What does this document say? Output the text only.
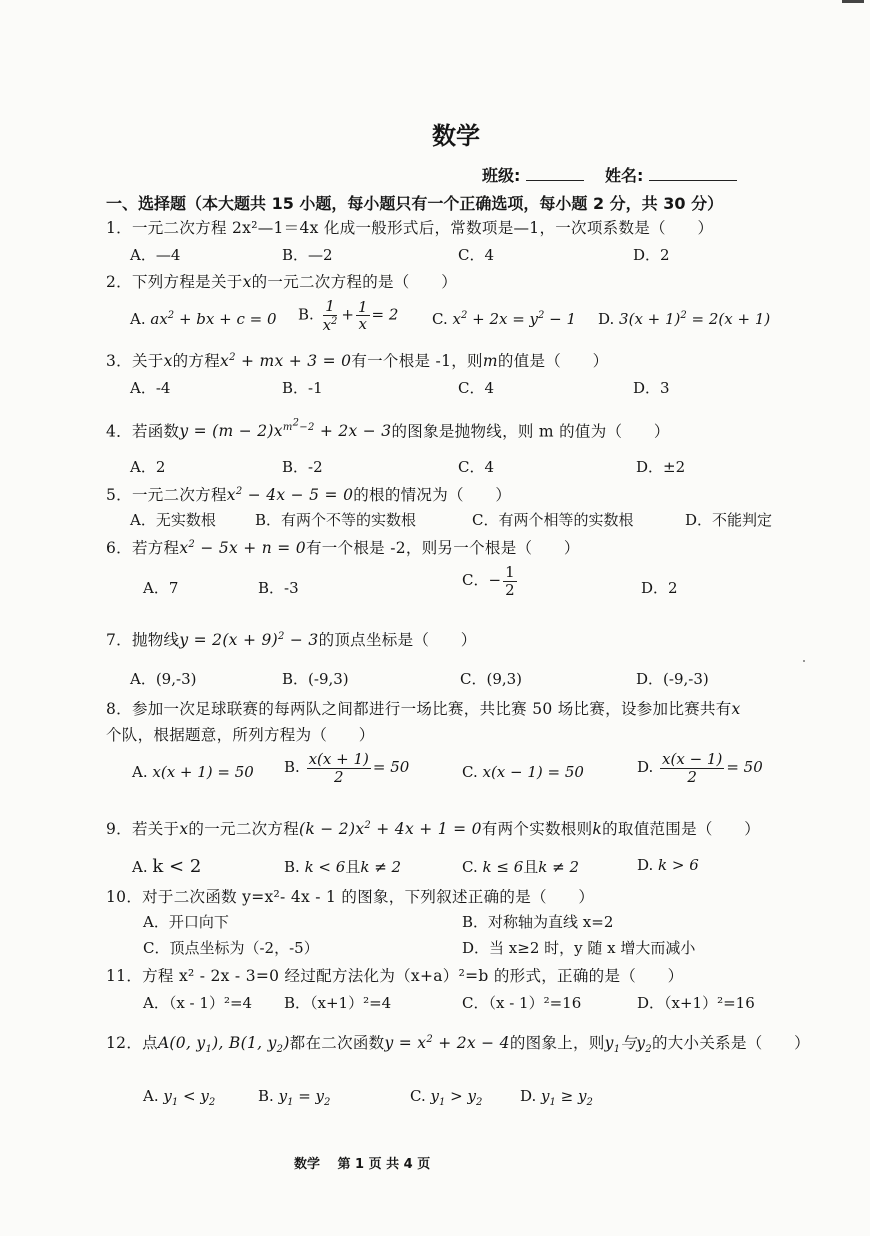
数学
班级:	姓名:
一、选择题（本大题共 15 小题，每小题只有一个正确选项，每小题 2 分，共 30 分）
1．一元二次方程 2x²—1＝4x 化成一般形式后，常数项是—1，一次项系数是（　　）
A．—4	B．—2	C．4	D．2
2．下列方程是关于x的一元二次方程的是（　　）
A. $ax^2$ + bx + c = 0 B. $\frac{1}{x^2} + \frac{1}{x} = 2$ C. $x^2 + 2x = y^2 - 1$ D. $3(x + 1)^2 = 2(x + 1)$
3．关于x的方程$x^2$ + mx + 3 = 0有一个根是 -1，则m的值是（　　）
A．-4	B．-1	C．4	D．3
4．若函数$y = (m - 2)x^{m^2-2} + 2x - 3$的图象是抛物线，则 m 的值为（　　）
A．2	B．-2	C．4	D．±2
5．一元二次方程$x^2 - 4x - 5 = 0$的根的情况为（　　）
A．无实数根	B．有两个不等的实数根	C．有两个相等的实数根	D．不能判定
6．若方程$x^2 - 5x + n = 0$有一个根是 -2，则另一个根是（　　）
A．7	B．-3	C．− $\frac{1}{2}$	D．2
7．抛物线$y = 2(x + 9)^2 - 3$的顶点坐标是（　　）
A．(9,-3)	B．(-9,3)	C．(9,3)	D．(-9,-3)
8．参加一次足球联赛的每两队之间都进行一场比赛，共比赛 50 场比赛，设参加比赛共有x
个队，根据题意，所列方程为（　　）
A. x(x + 1) = 50 B. $\frac{x(x + 1)}{2} = 50$	C. x(x − 1) = 50	D. $\frac{x(x - 1)}{2} = 50$
9．若关于x的一元二次方程$(k - 2)x^2 + 4x + 1 = 0$有两个实数根则k的取值范围是（　　）
A. k < 2	B. k < 6且k ≠ 2	C. k ≤ 6且k ≠ 2	D. k > 6
10．对于二次函数 y=x²- 4x - 1 的图象，下列叙述正确的是（　　）
A．开口向下	B．对称轴为直线 x=2
C．顶点坐标为（-2，-5）	D．当 x≥2 时，y 随 x 增大而减小
11．方程 x² - 2x - 3=0 经过配方法化为（x+a）²=b 的形式，正确的是（　　）
A．（x - 1）²=4 B．（x+1）²=4	C．（x - 1）²=16	D．（x+1）²=16
12．点A(0, $y_1$), B(1, $y_2$)都在二次函数$y = x^2 + 2x - 4$的图象上，则$y_1$与$y_2$的大小关系是（　　）
A. $y_1 < y_2$	B. $y_1 = y_2$	C. $y_1 > y_2$	D. $y_1 \ge y_2$
数学　 第 1 页 共 4 页
